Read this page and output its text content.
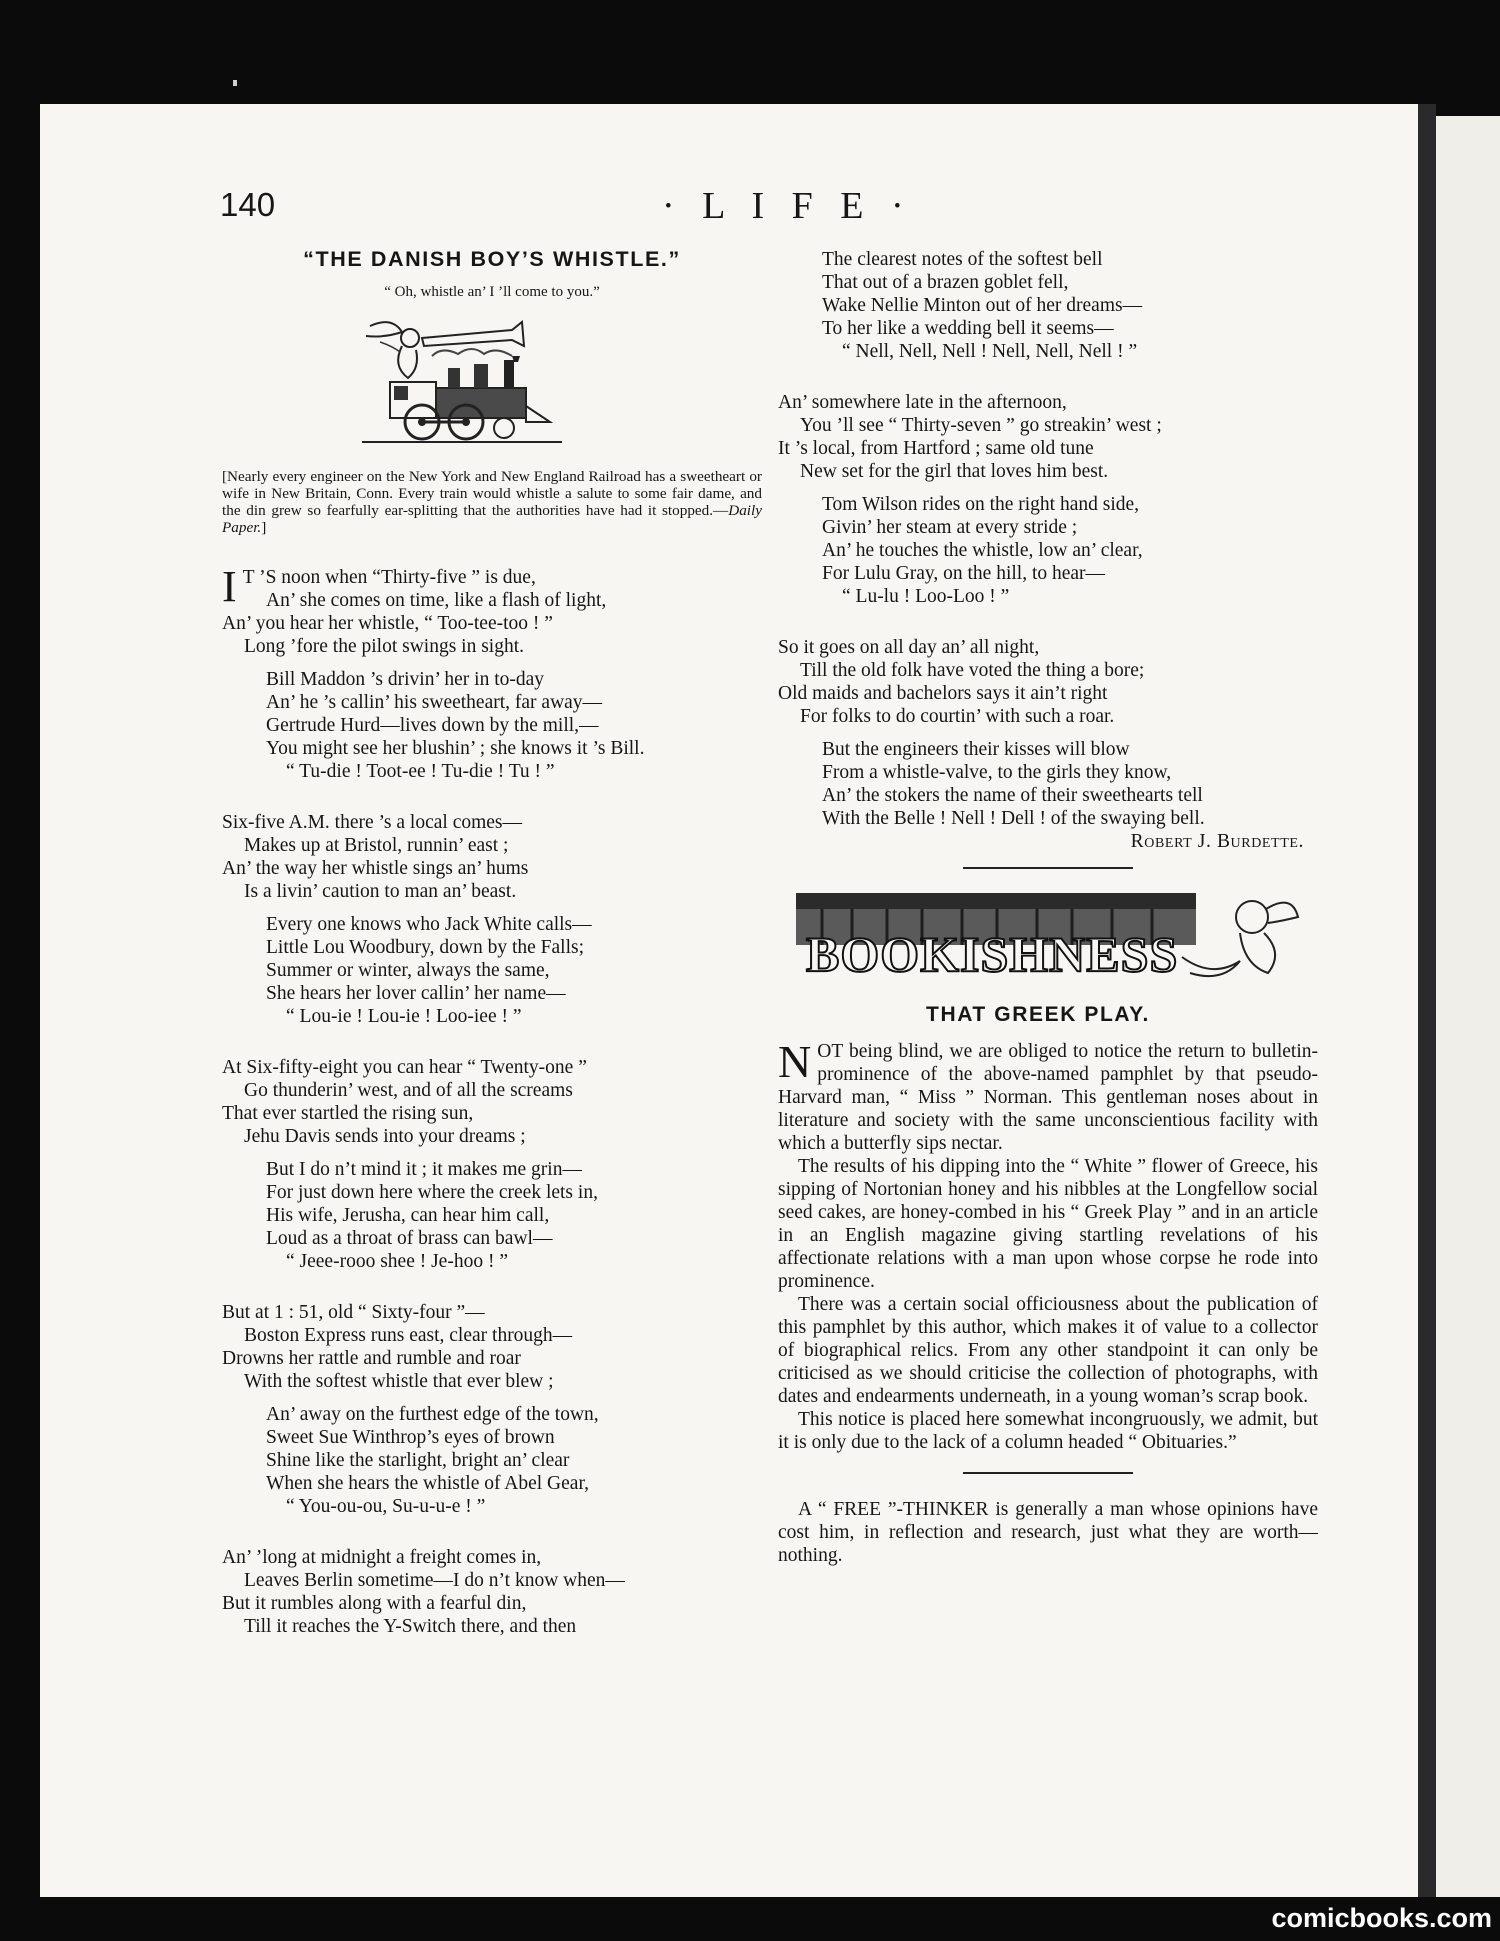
140	· L I F E ·
“THE DANISH BOY’S WHISTLE.”
“ Oh, whistle an’ I ’ll come to you.”
[Nearly every engineer on the New York and New England Railroad has a sweetheart or wife in New Britain, Conn. Every train would whistle a salute to some fair dame, and the din grew so fearfully ear-splitting that the authorities have had it stopped.—Daily Paper.]
I T ’S noon when “Thirty-five ” is due,
An’ she comes on time, like a flash of light,
An’ you hear her whistle, “ Too-tee-too ! ”
Long ’fore the pilot swings in sight.
Bill Maddon ’s drivin’ her in to-day
An’ he ’s callin’ his sweetheart, far away—
Gertrude Hurd—lives down by the mill,—
You might see her blushin’ ; she knows it ’s Bill.
“ Tu-die ! Toot-ee ! Tu-die ! Tu ! ”
Six-five A.M. there ’s a local comes—
Makes up at Bristol, runnin’ east ;
An’ the way her whistle sings an’ hums
Is a livin’ caution to man an’ beast.
Every one knows who Jack White calls—
Little Lou Woodbury, down by the Falls;
Summer or winter, always the same,
She hears her lover callin’ her name—
“ Lou-ie ! Lou-ie ! Loo-iee ! ”
At Six-fifty-eight you can hear “ Twenty-one ”
Go thunderin’ west, and of all the screams
That ever startled the rising sun,
Jehu Davis sends into your dreams ;
But I do n’t mind it ; it makes me grin—
For just down here where the creek lets in,
His wife, Jerusha, can hear him call,
Loud as a throat of brass can bawl—
“ Jeee-rooo shee ! Je-hoo ! ”
But at 1 : 51, old “ Sixty-four ”—
Boston Express runs east, clear through—
Drowns her rattle and rumble and roar
With the softest whistle that ever blew ;
An’ away on the furthest edge of the town,
Sweet Sue Winthrop’s eyes of brown
Shine like the starlight, bright an’ clear
When she hears the whistle of Abel Gear,
“ You-ou-ou, Su-u-u-e ! ”
An’ ’long at midnight a freight comes in,
Leaves Berlin sometime—I do n’t know when—
But it rumbles along with a fearful din,
Till it reaches the Y-Switch there, and then
The clearest notes of the softest bell
That out of a brazen goblet fell,
Wake Nellie Minton out of her dreams—
To her like a wedding bell it seems—
“ Nell, Nell, Nell ! Nell, Nell, Nell ! ”
An’ somewhere late in the afternoon,
You ’ll see “ Thirty-seven ” go streakin’ west ;
It ’s local, from Hartford ; same old tune
New set for the girl that loves him best.
Tom Wilson rides on the right hand side,
Givin’ her steam at every stride ;
An’ he touches the whistle, low an’ clear,
For Lulu Gray, on the hill, to hear—
“ Lu-lu ! Loo-Loo ! ”
So it goes on all day an’ all night,
Till the old folk have voted the thing a bore;
Old maids and bachelors says it ain’t right
For folks to do courtin’ with such a roar.
But the engineers their kisses will blow
From a whistle-valve, to the girls they know,
An’ the stokers the name of their sweethearts tell
With the Belle ! Nell ! Dell ! of the swaying bell.
Robert J. Burdette.
BOOKISHNESS
THAT GREEK PLAY.

NOT being blind, we are obliged to notice the return to bulletin-prominence of the above-named pamphlet by that pseudo-Harvard man, “ Miss ” Norman. This gentleman noses about in literature and society with the same unconscientious facility with which a butterfly sips nectar.

The results of his dipping into the “ White ” flower of Greece, his sipping of Nortonian honey and his nibbles at the Longfellow social seed cakes, are honey-combed in his “ Greek Play ” and in an article in an English magazine giving startling revelations of his affectionate relations with a man upon whose corpse he rode into prominence.

There was a certain social officiousness about the publication of this pamphlet by this author, which makes it of value to a collector of biographical relics. From any other standpoint it can only be criticised as we should criticise the collection of photographs, with dates and endearments underneath, in a young woman’s scrap book.

This notice is placed here somewhat incongruously, we admit, but it is only due to the lack of a column headed “ Obituaries.”

A “ FREE ”-THINKER is generally a man whose opinions have cost him, in reflection and research, just what they are worth—nothing.

comicbooks.com
